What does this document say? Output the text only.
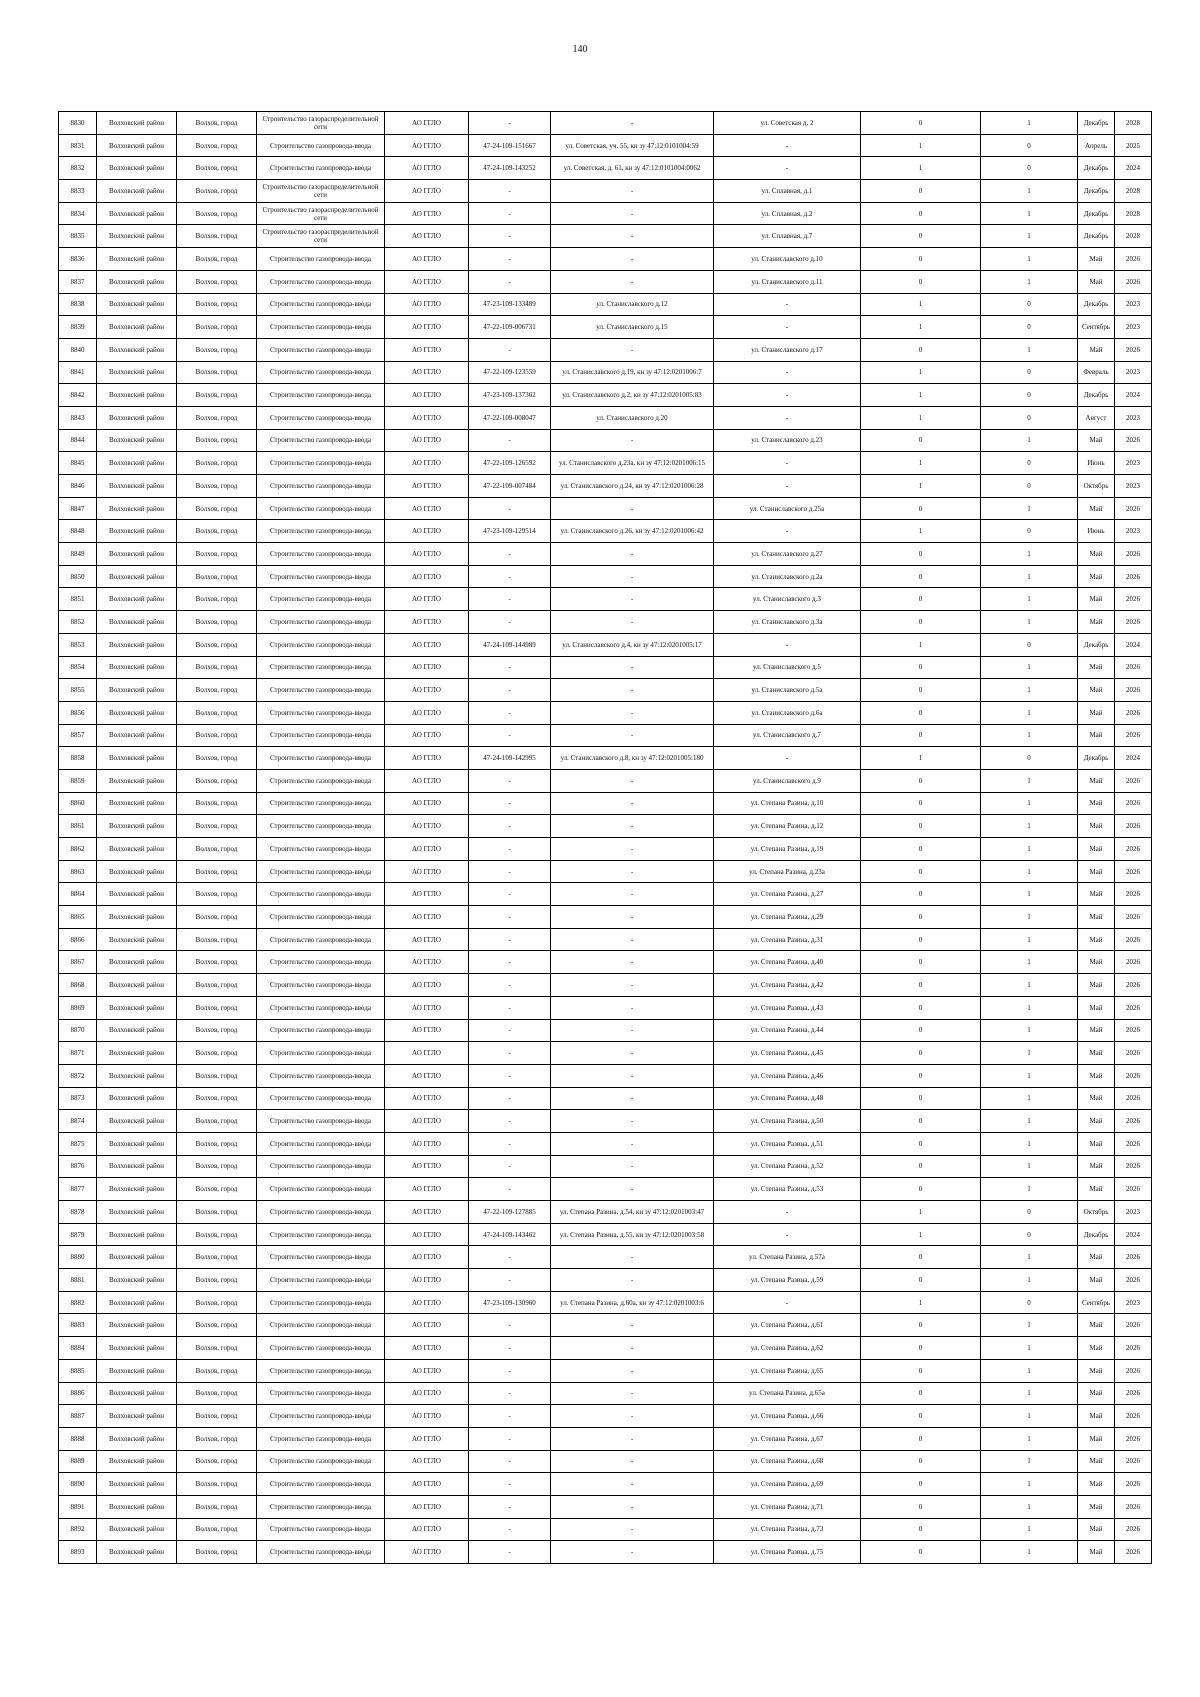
140
8830	Волховский район	Волхов, город	Строительство газораспределительной сети	АО ГГЛО	-	-	ул. Советская д. 2	0	1	Декабрь	2028
8831	Волховский район	Волхов, город	Строительство газопровода-ввода	АО ГГЛО	47-24-109-151667	ул. Советская, уч. 55, кн зу 47:12:0101004:59	-	1	0	Апрель	2025
8832	Волховский район	Волхов, город	Строительство газопровода-ввода	АО ГГЛО	47-24-109-143252	ул. Советская, д. 61, кн зу 47:12:0101004:0062	-	1	0	Декабрь	2024
8833	Волховский район	Волхов, город	Строительство газораспределительной сети	АО ГГЛО	-	-	ул. Сплавная, д.1	0	1	Декабрь	2028
8834	Волховский район	Волхов, город	Строительство газораспределительной сети	АО ГГЛО	-	-	ул. Сплавная, д.2	0	1	Декабрь	2028
8835	Волховский район	Волхов, город	Строительство газораспределительной сети	АО ГГЛО	-	-	ул. Сплавная, д.7	0	1	Декабрь	2028
8836	Волховский район	Волхов, город	Строительство газопровода-ввода	АО ГГЛО	-	-	ул. Станиславского д.10	0	1	Май	2026
8837	Волховский район	Волхов, город	Строительство газопровода-ввода	АО ГГЛО	-	-	ул. Станиславского д.11	0	1	Май	2026
8838	Волховский район	Волхов, город	Строительство газопровода-ввода	АО ГГЛО	47-23-109-133489	ул. Станиславского д.12	-	1	0	Декабрь	2023
8839	Волховский район	Волхов, город	Строительство газопровода-ввода	АО ГГЛО	47-22-109-006731	ул. Станиславского д.15	-	1	0	Сентябрь	2023
8840	Волховский район	Волхов, город	Строительство газопровода-ввода	АО ГГЛО	-	-	ул. Станиславского д.17	0	1	Май	2026
8841	Волховский район	Волхов, город	Строительство газопровода-ввода	АО ГГЛО	47-22-109-123559	ул. Станиславского д.19, кн зу 47:12:0201006:7	-	1	0	Февраль	2023
8842	Волховский район	Волхов, город	Строительство газопровода-ввода	АО ГГЛО	47-23-109-137362	ул. Станиславского д.2, кн зу 47:12:0201005:83	-	1	0	Декабрь	2024
8843	Волховский район	Волхов, город	Строительство газопровода-ввода	АО ГГЛО	47-22-109-008047	ул. Станиславского д.20	-	1	0	Август	2023
8844	Волховский район	Волхов, город	Строительство газопровода-ввода	АО ГГЛО	-	-	ул. Станиславского д.23	0	1	Май	2026
8845	Волховский район	Волхов, город	Строительство газопровода-ввода	АО ГГЛО	47-22-109-126592	ул. Станиславского д.23а, кн зу 47:12:0201006:15	-	1	0	Июнь	2023
8846	Волховский район	Волхов, город	Строительство газопровода-ввода	АО ГГЛО	47-22-109-007484	ул. Станиславского д.24, кн зу 47:12:0201006:28	-	1	0	Октябрь	2023
8847	Волховский район	Волхов, город	Строительство газопровода-ввода	АО ГГЛО	-	-	ул. Станиславского д.25а	0	1	Май	2026
8848	Волховский район	Волхов, город	Строительство газопровода-ввода	АО ГГЛО	47-23-109-129514	ул. Станиславского д.26, кн зу 47:12:0201006:42	-	1	0	Июнь	2023
8849	Волховский район	Волхов, город	Строительство газопровода-ввода	АО ГГЛО	-	-	ул. Станиславского д.27	0	1	Май	2026
8850	Волховский район	Волхов, город	Строительство газопровода-ввода	АО ГГЛО	-	-	ул. Станиславского д.2а	0	1	Май	2026
8851	Волховский район	Волхов, город	Строительство газопровода-ввода	АО ГГЛО	-	-	ул. Станиславского д.3	0	1	Май	2026
8852	Волховский район	Волхов, город	Строительство газопровода-ввода	АО ГГЛО	-	-	ул. Станиславского д.3а	0	1	Май	2026
8853	Волховский район	Волхов, город	Строительство газопровода-ввода	АО ГГЛО	47-24-109-144989	ул. Станиславского д.4, кн зу 47:12:0201005:17	-	1	0	Декабрь	2024
8854	Волховский район	Волхов, город	Строительство газопровода-ввода	АО ГГЛО	-	-	ул. Станиславского д.5	0	1	Май	2026
8855	Волховский район	Волхов, город	Строительство газопровода-ввода	АО ГГЛО	-	-	ул. Станиславского д.5а	0	1	Май	2026
8856	Волховский район	Волхов, город	Строительство газопровода-ввода	АО ГГЛО	-	-	ул. Станиславского д.6а	0	1	Май	2026
8857	Волховский район	Волхов, город	Строительство газопровода-ввода	АО ГГЛО	-	-	ул. Станиславского д.7	0	1	Май	2026
8858	Волховский район	Волхов, город	Строительство газопровода-ввода	АО ГГЛО	47-24-109-142995	ул. Станиславского д.8, кн зу 47:12:0201005:180	-	1	0	Декабрь	2024
8859	Волховский район	Волхов, город	Строительство газопровода-ввода	АО ГГЛО	-	-	ул. Станиславского д.9	0	1	Май	2026
8860	Волховский район	Волхов, город	Строительство газопровода-ввода	АО ГГЛО	-	-	ул. Степана Разина, д.10	0	1	Май	2026
8861	Волховский район	Волхов, город	Строительство газопровода-ввода	АО ГГЛО	-	-	ул. Степана Разина, д.12	0	1	Май	2026
8862	Волховский район	Волхов, город	Строительство газопровода-ввода	АО ГГЛО	-	-	ул. Степана Разина, д.19	0	1	Май	2026
8863	Волховский район	Волхов, город	Строительство газопровода-ввода	АО ГГЛО	-	-	ул. Степана Разина, д.23а	0	1	Май	2026
8864	Волховский район	Волхов, город	Строительство газопровода-ввода	АО ГГЛО	-	-	ул. Степана Разина, д.27	0	1	Май	2026
8865	Волховский район	Волхов, город	Строительство газопровода-ввода	АО ГГЛО	-	-	ул. Степана Разина, д.29	0	1	Май	2026
8866	Волховский район	Волхов, город	Строительство газопровода-ввода	АО ГГЛО	-	-	ул. Степана Разина, д.31	0	1	Май	2026
8867	Волховский район	Волхов, город	Строительство газопровода-ввода	АО ГГЛО	-	-	ул. Степана Разина, д.40	0	1	Май	2026
8868	Волховский район	Волхов, город	Строительство газопровода-ввода	АО ГГЛО	-	-	ул. Степана Разина, д.42	0	1	Май	2026
8869	Волховский район	Волхов, город	Строительство газопровода-ввода	АО ГГЛО	-	-	ул. Степана Разина, д.43	0	1	Май	2026
8870	Волховский район	Волхов, город	Строительство газопровода-ввода	АО ГГЛО	-	-	ул. Степана Разина, д.44	0	1	Май	2026
8871	Волховский район	Волхов, город	Строительство газопровода-ввода	АО ГГЛО	-	-	ул. Степана Разина, д.45	0	1	Май	2026
8872	Волховский район	Волхов, город	Строительство газопровода-ввода	АО ГГЛО	-	-	ул. Степана Разина, д.46	0	1	Май	2026
8873	Волховский район	Волхов, город	Строительство газопровода-ввода	АО ГГЛО	-	-	ул. Степана Разина, д.48	0	1	Май	2026
8874	Волховский район	Волхов, город	Строительство газопровода-ввода	АО ГГЛО	-	-	ул. Степана Разина, д.50	0	1	Май	2026
8875	Волховский район	Волхов, город	Строительство газопровода-ввода	АО ГГЛО	-	-	ул. Степана Разина, д.51	0	1	Май	2026
8876	Волховский район	Волхов, город	Строительство газопровода-ввода	АО ГГЛО	-	-	ул. Степана Разина, д.52	0	1	Май	2026
8877	Волховский район	Волхов, город	Строительство газопровода-ввода	АО ГГЛО	-	-	ул. Степана Разина, д.53	0	1	Май	2026
8878	Волховский район	Волхов, город	Строительство газопровода-ввода	АО ГГЛО	47-22-109-127885	ул. Степана Разина, д.54, кн зу 47:12:0201003:47	-	1	0	Октябрь	2023
8879	Волховский район	Волхов, город	Строительство газопровода-ввода	АО ГГЛО	47-24-109-143462	ул. Степана Разина, д.55, кн зу 47:12:0201003:58	-	1	0	Декабрь	2024
8880	Волховский район	Волхов, город	Строительство газопровода-ввода	АО ГГЛО	-	-	ул. Степана Разина, д.57а	0	1	Май	2026
8881	Волховский район	Волхов, город	Строительство газопровода-ввода	АО ГГЛО	-	-	ул. Степана Разина, д.59	0	1	Май	2026
8882	Волховский район	Волхов, город	Строительство газопровода-ввода	АО ГГЛО	47-23-109-130960	ул. Степана Разина, д.60а, кн зу 47:12:0201003:6	-	1	0	Сентябрь	2023
8883	Волховский район	Волхов, город	Строительство газопровода-ввода	АО ГГЛО	-	-	ул. Степана Разина, д.61	0	1	Май	2026
8884	Волховский район	Волхов, город	Строительство газопровода-ввода	АО ГГЛО	-	-	ул. Степана Разина, д.62	0	1	Май	2026
8885	Волховский район	Волхов, город	Строительство газопровода-ввода	АО ГГЛО	-	-	ул. Степана Разина, д.65	0	1	Май	2026
8886	Волховский район	Волхов, город	Строительство газопровода-ввода	АО ГГЛО	-	-	ул. Степана Разина, д.65а	0	1	Май	2026
8887	Волховский район	Волхов, город	Строительство газопровода-ввода	АО ГГЛО	-	-	ул. Степана Разина, д.66	0	1	Май	2026
8888	Волховский район	Волхов, город	Строительство газопровода-ввода	АО ГГЛО	-	-	ул. Степана Разина, д.67	0	1	Май	2026
8889	Волховский район	Волхов, город	Строительство газопровода-ввода	АО ГГЛО	-	-	ул. Степана Разина, д.68	0	1	Май	2026
8890	Волховский район	Волхов, город	Строительство газопровода-ввода	АО ГГЛО	-	-	ул. Степана Разина, д.69	0	1	Май	2026
8891	Волховский район	Волхов, город	Строительство газопровода-ввода	АО ГГЛО	-	-	ул. Степана Разина, д.71	0	1	Май	2026
8892	Волховский район	Волхов, город	Строительство газопровода-ввода	АО ГГЛО	-	-	ул. Степана Разина, д.73	0	1	Май	2026
8893	Волховский район	Волхов, город	Строительство газопровода-ввода	АО ГГЛО	-	-	ул. Степана Разина, д.75	0	1	Май	2026
